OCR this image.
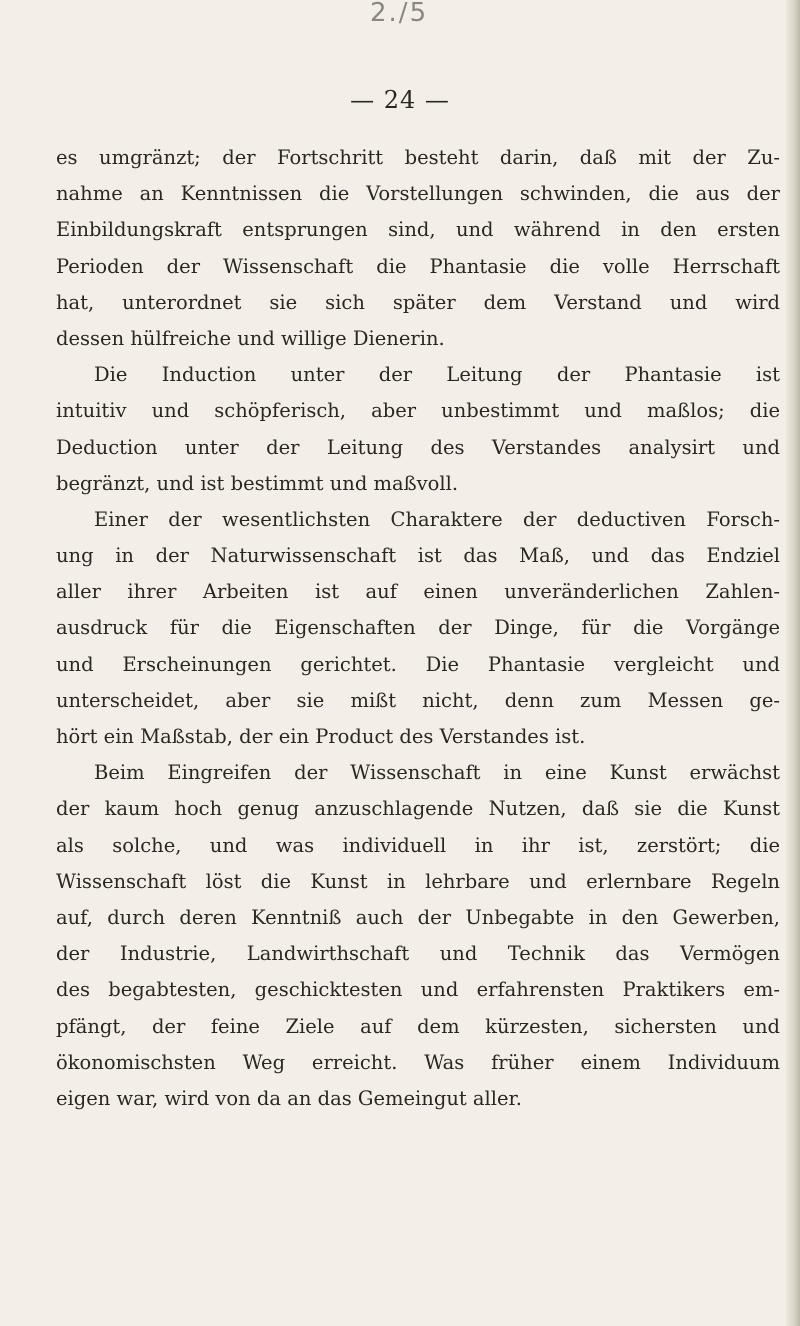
2./5
— 24 —
es umgränzt; der Fortschritt besteht darin, daß mit der Zu-
nahme an Kenntnissen die Vorstellungen schwinden, die aus der
Einbildungskraft entsprungen sind, und während in den ersten
Perioden der Wissenschaft die Phantasie die volle Herrschaft
hat, unterordnet sie sich später dem Verstand und wird
dessen hülfreiche und willige Dienerin.
Die Induction unter der Leitung der Phantasie ist
intuitiv und schöpferisch, aber unbestimmt und maßlos; die
Deduction unter der Leitung des Verstandes analysirt und
begränzt, und ist bestimmt und maßvoll.
Einer der wesentlichsten Charaktere der deductiven Forsch-
ung in der Naturwissenschaft ist das Maß, und das Endziel
aller ihrer Arbeiten ist auf einen unveränderlichen Zahlen-
ausdruck für die Eigenschaften der Dinge, für die Vorgänge
und Erscheinungen gerichtet. Die Phantasie vergleicht und
unterscheidet, aber sie mißt nicht, denn zum Messen ge-
hört ein Maßstab, der ein Product des Verstandes ist.
Beim Eingreifen der Wissenschaft in eine Kunst erwächst
der kaum hoch genug anzuschlagende Nutzen, daß sie die Kunst
als solche, und was individuell in ihr ist, zerstört; die
Wissenschaft löst die Kunst in lehrbare und erlernbare Regeln
auf, durch deren Kenntniß auch der Unbegabte in den Gewerben,
der Industrie, Landwirthschaft und Technik das Vermögen
des begabtesten, geschicktesten und erfahrensten Praktikers em-
pfängt, der feine Ziele auf dem kürzesten, sichersten und
ökonomischsten Weg erreicht. Was früher einem Individuum
eigen war, wird von da an das Gemeingut aller.
